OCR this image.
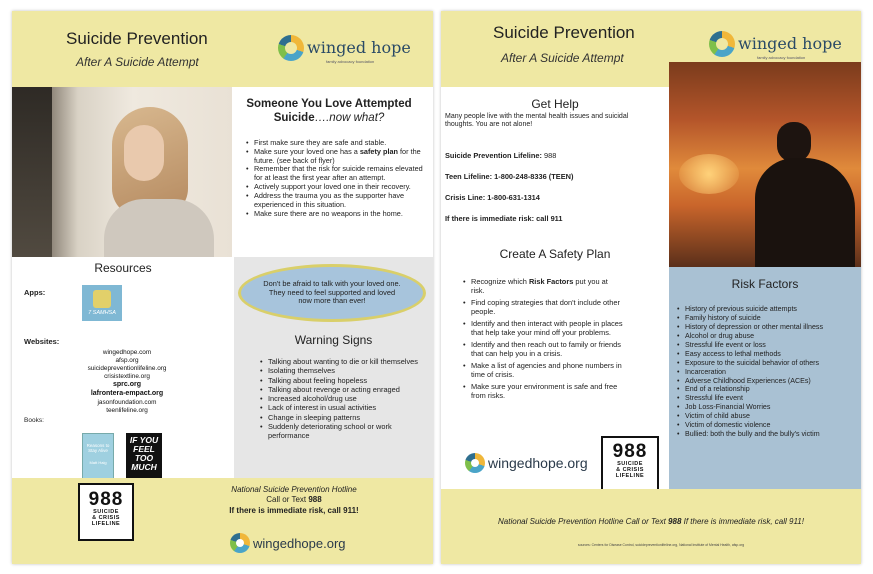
Suicide Prevention
After A Suicide Attempt
winged hope
family advocacy foundation
Someone You Love Attempted Suicide….now what?
• First make sure they are safe and stable.
• Make sure your loved one has a safety plan for the future. (see back of flyer)
• Remember that the risk for suicide remains elevated for at least the first year after an attempt.
• Actively support your loved one in their recovery.
• Address the trauma you as the supporter have experienced in this situation.
• Make sure there are no weapons in the home.
Resources
Apps:
7 SAMHSA
Websites:
wingedhope.com
afsp.org
suicidepreventionlifeline.org
crisistextline.org
sprc.org
lafrontera-empact.org
jasonfoundation.com
teenlifeline.org
Books:
Reasons to Stay Alive
Matt Haig
IF YOU FEEL TOO MUCH
Don't be afraid to talk with your loved one. They need to feel supported and loved now more than ever!
Warning Signs
• Talking about wanting to die or kill themselves
• Isolating themselves
• Talking about feeling hopeless
• Talking about revenge or acting enraged
• Increased alcohol/drug use
• Lack of interest in usual activities
• Change in sleeping patterns
• Suddenly deteriorating school or work performance
988
SUICIDE
& CRISIS
LIFELINE
National Suicide Prevention Hotline
Call or Text 988
If there is immediate risk, call 911!
wingedhope.org
Suicide Prevention
After A Suicide Attempt
winged hope
family advocacy foundation
Get Help
Many people live with the mental health issues and suicidal thoughts. You are not alone!
Suicide Prevention Lifeline: 988
Teen Lifeline: 1-800-248-8336 (TEEN)
Crisis Line: 1-800-631-1314
If there is immediate risk: call 911
Create A Safety Plan
• Recognize which Risk Factors put you at risk.
• Find coping strategies that don't include other people.
• Identify and then interact with people in places that help take your mind off your problems.
• Identify and then reach out to family or friends that can help you in a crisis.
• Make a list of agencies and phone numbers in time of crisis.
• Make sure your environment is safe and free from risks.
wingedhope.org
988
SUICIDE
& CRISIS
LIFELINE
Risk Factors
• History of previous suicide attempts
• Family history of suicide
• History of depression or other mental illness
• Alcohol or drug abuse
• Stressful life event or loss
• Easy access to lethal methods
• Exposure to the suicidal behavior of others
• Incarceration
• Adverse Childhood Experiences (ACEs)
• End of a relationship
• Stressful life event
• Job Loss-Financial Worries
• Victim of child abuse
• Victim of domestic violence
• Bullied: both the bully and the bully's victim
National Suicide Prevention Hotline Call or Text 988 If there is immediate risk, call 911!
sources: Centers for Disease Control, suicidepreventionlifeline.org, National Institute of Mental Health, afsp.org
